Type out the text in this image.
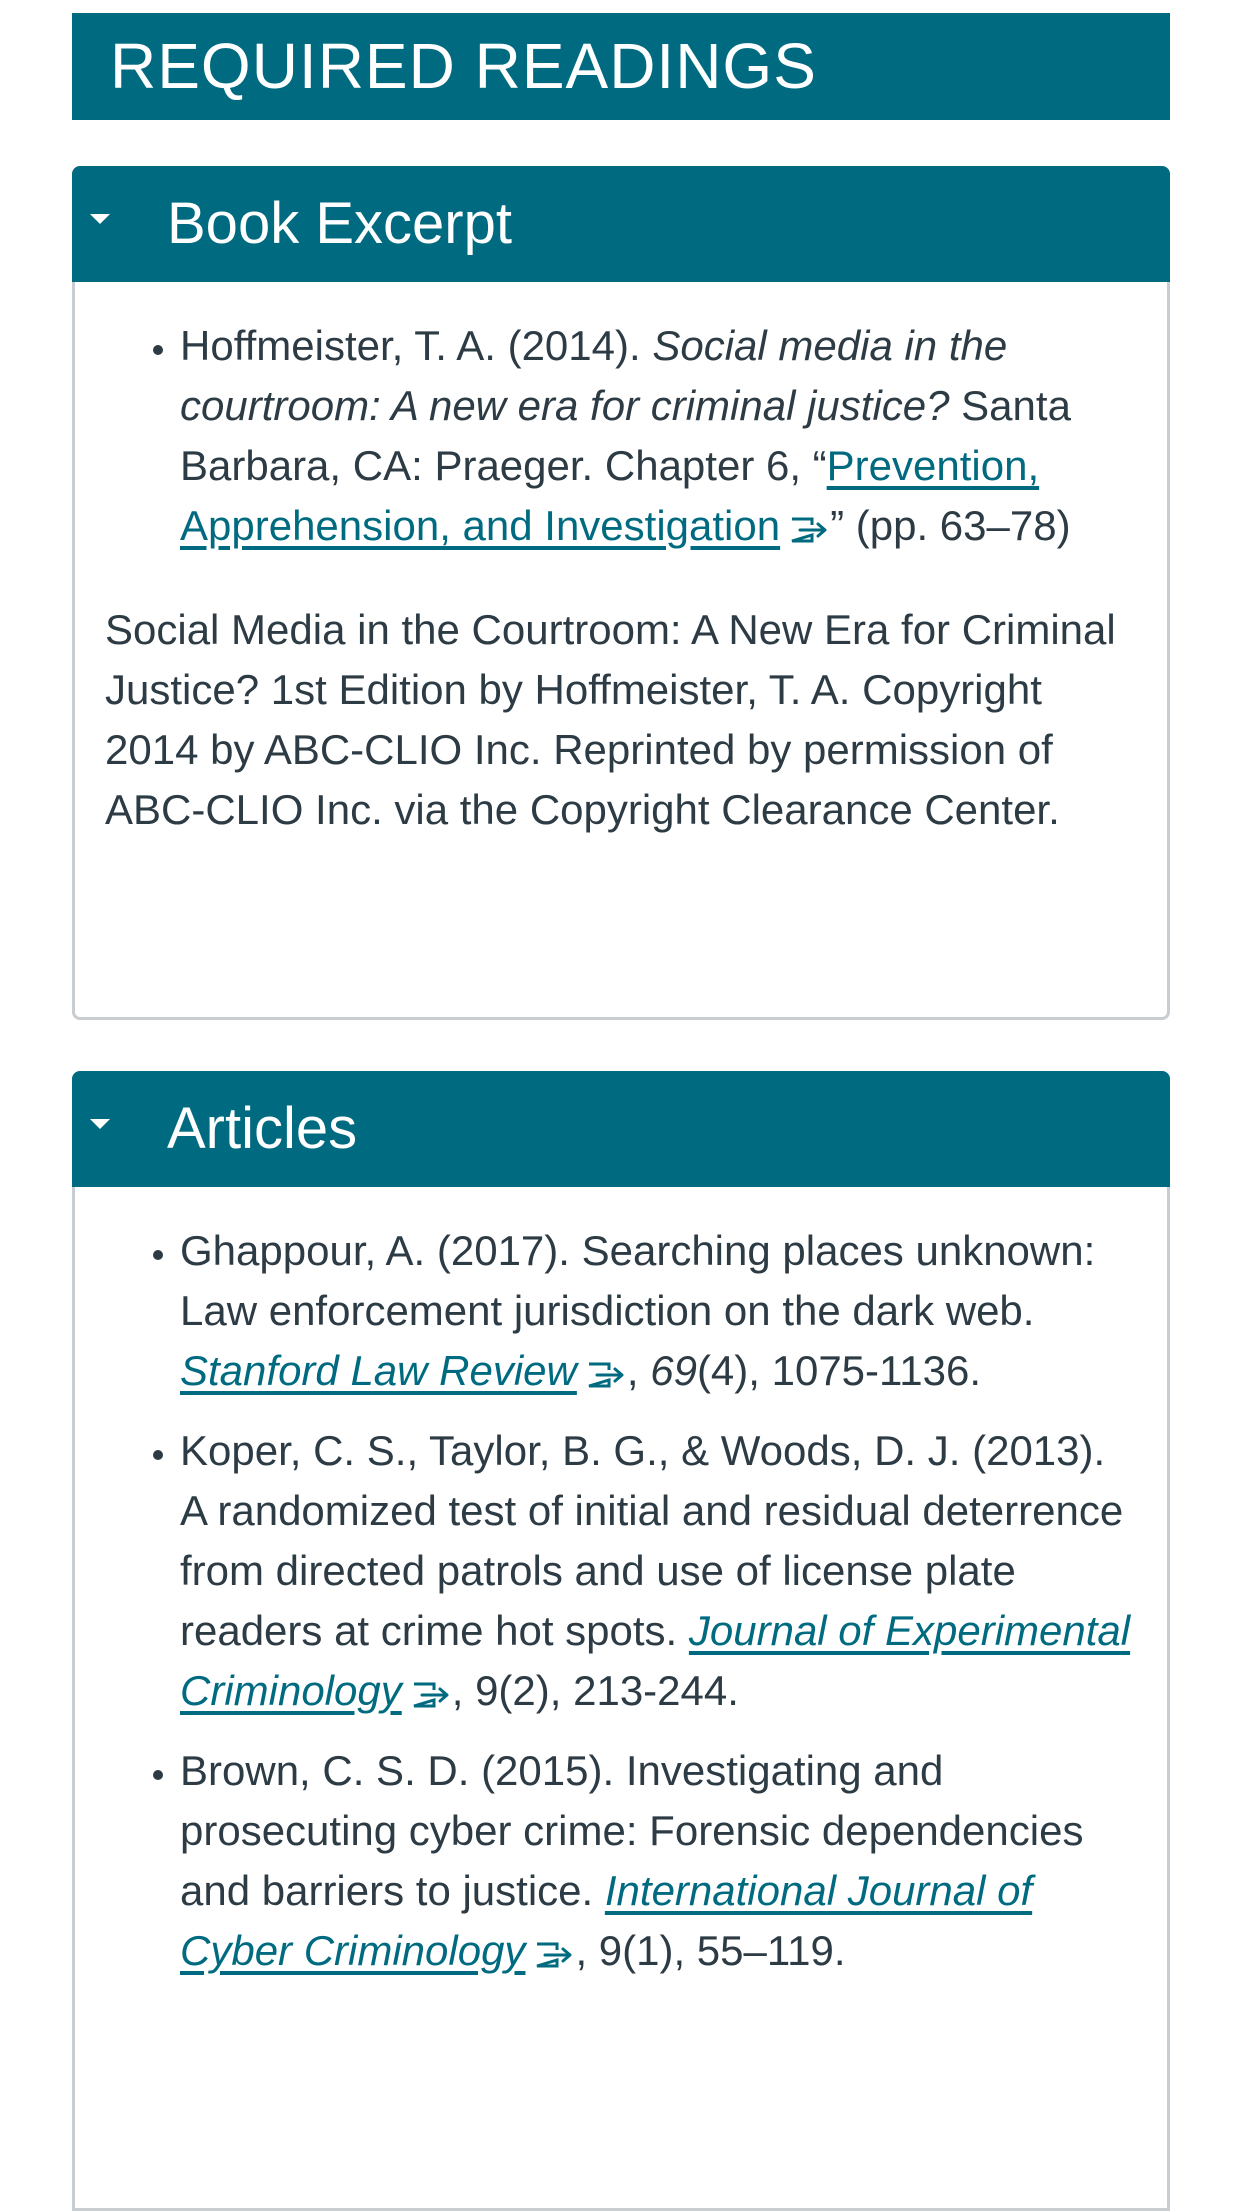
REQUIRED READINGS
Book Excerpt
• Hoffmeister, T. A. (2014). Social media in the courtroom: A new era for criminal justice? Santa Barbara, CA: Praeger. Chapter 6, “Prevention, Apprehension, and Investigation ” (pp. 63–78)

Social Media in the Courtroom: A New Era for Criminal Justice? 1st Edition by Hoffmeister, T. A. Copyright 2014 by ABC-CLIO Inc. Reprinted by permission of ABC-CLIO Inc. via the Copyright Clearance Center.

Articles
• Ghappour, A. (2017). Searching places unknown: Law enforcement jurisdiction on the dark web. Stanford Law Review , 69(4), 1075-1136.
• Koper, C. S., Taylor, B. G., & Woods, D. J. (2013). A randomized test of initial and residual deterrence from directed patrols and use of license plate readers at crime hot spots. Journal of Experimental Criminology , 9(2), 213-244.
• Brown, C. S. D. (2015). Investigating and prosecuting cyber crime: Forensic dependencies and barriers to justice. International Journal of Cyber Criminology , 9(1), 55–119.
